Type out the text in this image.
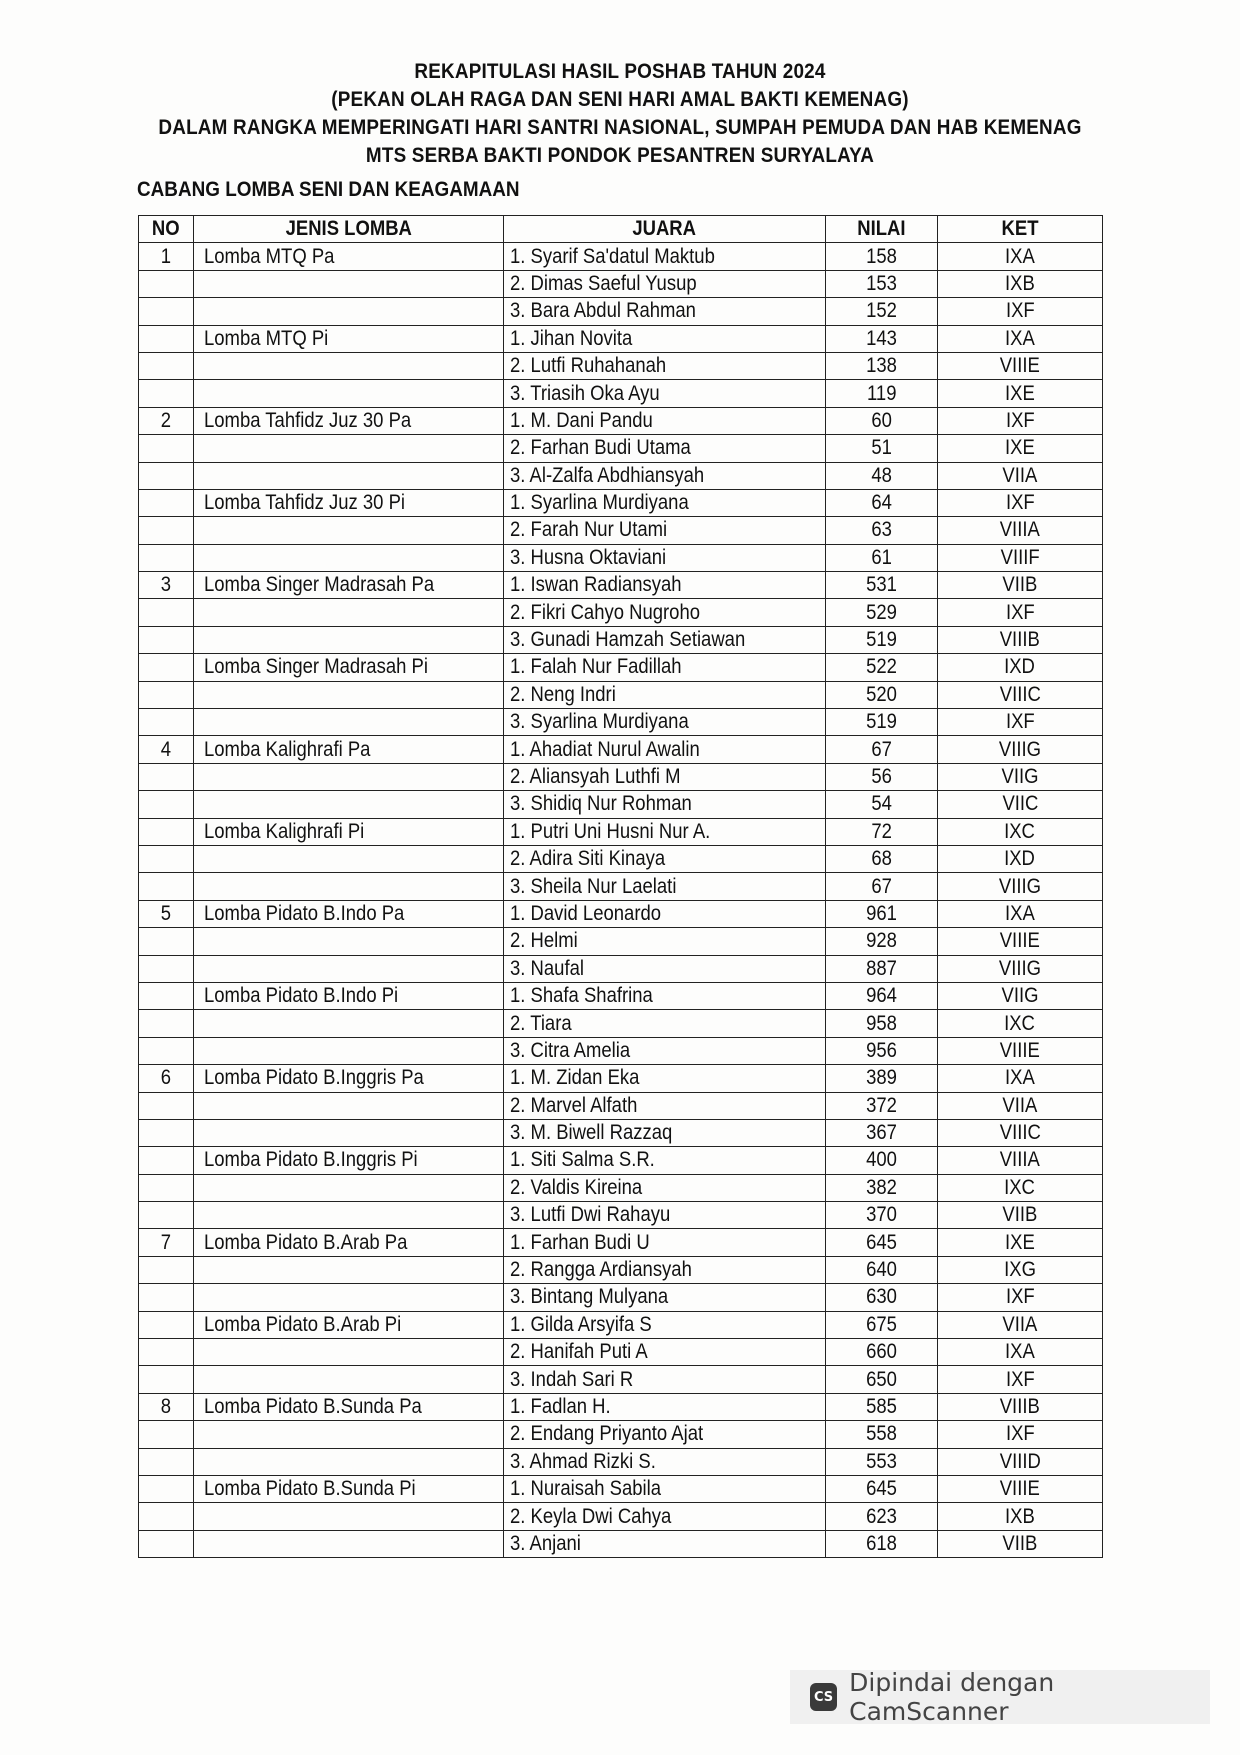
REKAPITULASI HASIL POSHAB TAHUN 2024
(PEKAN OLAH RAGA DAN SENI HARI AMAL BAKTI KEMENAG)
DALAM RANGKA MEMPERINGATI HARI SANTRI NASIONAL, SUMPAH PEMUDA DAN HAB KEMENAG
MTS SERBA BAKTI PONDOK PESANTREN SURYALAYA
CABANG LOMBA SENI DAN KEAGAMAAN
NO	JENIS LOMBA	JUARA	NILAI	KET
1	Lomba MTQ Pa	1. Syarif Sa'datul Maktub	158	IXA
		2. Dimas Saeful Yusup	153	IXB
		3. Bara Abdul Rahman	152	IXF
	Lomba MTQ Pi	1. Jihan Novita	143	IXA
		2. Lutfi Ruhahanah	138	VIIIE
		3. Triasih Oka Ayu	119	IXE
2	Lomba Tahfidz Juz 30 Pa	1. M. Dani Pandu	60	IXF
		2. Farhan Budi Utama	51	IXE
		3. Al-Zalfa Abdhiansyah	48	VIIA
	Lomba Tahfidz Juz 30 Pi	1. Syarlina Murdiyana	64	IXF
		2. Farah Nur Utami	63	VIIIA
		3. Husna Oktaviani	61	VIIIF
3	Lomba Singer Madrasah Pa	1. Iswan Radiansyah	531	VIIB
		2. Fikri Cahyo Nugroho	529	IXF
		3. Gunadi Hamzah Setiawan	519	VIIIB
	Lomba Singer Madrasah Pi	1. Falah Nur Fadillah	522	IXD
		2. Neng Indri	520	VIIIC
		3. Syarlina Murdiyana	519	IXF
4	Lomba Kalighrafi Pa	1. Ahadiat Nurul Awalin	67	VIIIG
		2. Aliansyah Luthfi M	56	VIIG
		3. Shidiq Nur Rohman	54	VIIC
	Lomba Kalighrafi Pi	1. Putri Uni Husni Nur A.	72	IXC
		2. Adira Siti Kinaya	68	IXD
		3. Sheila Nur Laelati	67	VIIIG
5	Lomba Pidato B.Indo Pa	1. David Leonardo	961	IXA
		2. Helmi	928	VIIIE
		3. Naufal	887	VIIIG
	Lomba Pidato B.Indo Pi	1. Shafa Shafrina	964	VIIG
		2. Tiara	958	IXC
		3. Citra Amelia	956	VIIIE
6	Lomba Pidato B.Inggris Pa	1. M. Zidan Eka	389	IXA
		2. Marvel Alfath	372	VIIA
		3. M. Biwell Razzaq	367	VIIIC
	Lomba Pidato B.Inggris Pi	1. Siti Salma S.R.	400	VIIIA
		2. Valdis Kireina	382	IXC
		3. Lutfi Dwi Rahayu	370	VIIB
7	Lomba Pidato B.Arab Pa	1. Farhan Budi U	645	IXE
		2. Rangga Ardiansyah	640	IXG
		3. Bintang Mulyana	630	IXF
	Lomba Pidato B.Arab Pi	1. Gilda Arsyifa S	675	VIIA
		2. Hanifah Puti A	660	IXA
		3. Indah Sari R	650	IXF
8	Lomba Pidato B.Sunda Pa	1. Fadlan H.	585	VIIIB
		2. Endang Priyanto Ajat	558	IXF
		3. Ahmad Rizki S.	553	VIIID
	Lomba Pidato B.Sunda Pi	1. Nuraisah Sabila	645	VIIIE
		2. Keyla Dwi Cahya	623	IXB
		3. Anjani	618	VIIB
CS Dipindai dengan CamScanner
